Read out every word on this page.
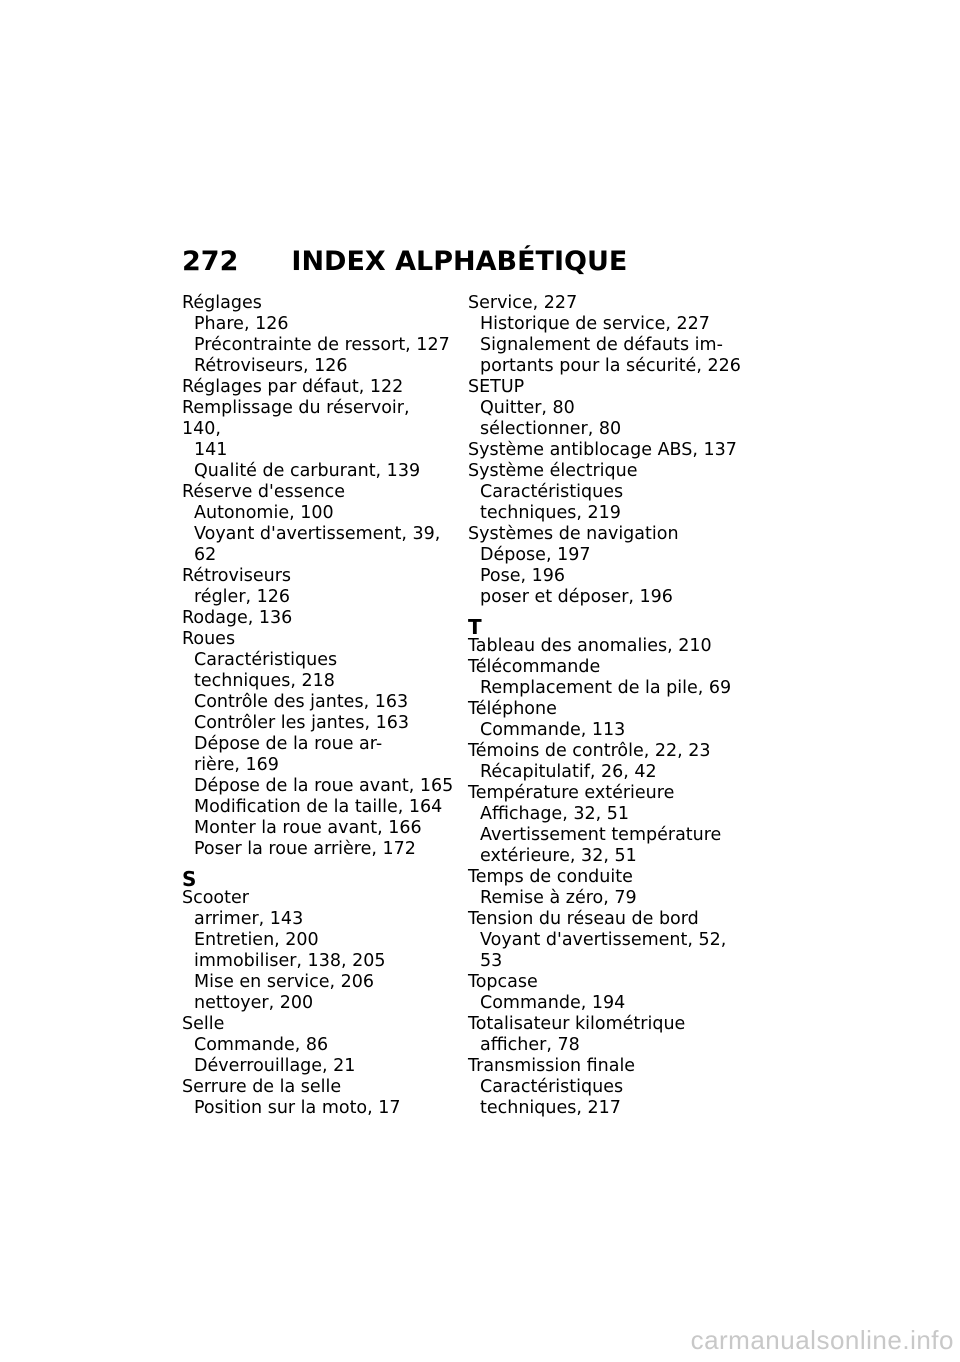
272 INDEX ALPHABÉTIQUE
Réglages
Phare, 126
Précontrainte de ressort, 127
Rétroviseurs, 126
Réglages par défaut, 122
Remplissage du réservoir, 140,
141
Qualité de carburant, 139
Réserve d'essence
Autonomie, 100
Voyant d'avertissement, 39,
62
Rétroviseurs
régler, 126
Rodage, 136
Roues
Caractéristiques
techniques, 218
Contrôle des jantes, 163
Contrôler les jantes, 163
Dépose de la roue ar-
rière, 169
Dépose de la roue avant, 165
Modification de la taille, 164
Monter la roue avant, 166
Poser la roue arrière, 172
S
Scooter
arrimer, 143
Entretien, 200
immobiliser, 138, 205
Mise en service, 206
nettoyer, 200
Selle
Commande, 86
Déverrouillage, 21
Serrure de la selle
Position sur la moto, 17
Service, 227
Historique de service, 227
Signalement de défauts im-
portants pour la sécurité, 226
SETUP
Quitter, 80
sélectionner, 80
Système antiblocage ABS, 137
Système électrique
Caractéristiques
techniques, 219
Systèmes de navigation
Dépose, 197
Pose, 196
poser et déposer, 196
T
Tableau des anomalies, 210
Télécommande
Remplacement de la pile, 69
Téléphone
Commande, 113
Témoins de contrôle, 22, 23
Récapitulatif, 26, 42
Température extérieure
Affichage, 32, 51
Avertissement température
extérieure, 32, 51
Temps de conduite
Remise à zéro, 79
Tension du réseau de bord
Voyant d'avertissement, 52,
53
Topcase
Commande, 194
Totalisateur kilométrique
afficher, 78
Transmission finale
Caractéristiques
techniques, 217
carmanualsonline.info
